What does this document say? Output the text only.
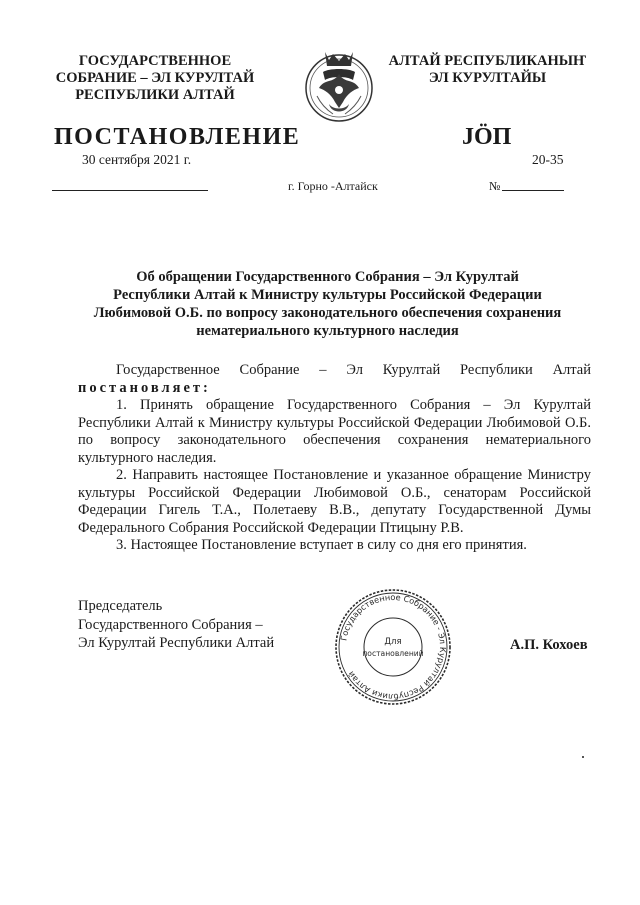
ГОСУДАРСТВЕННОЕ
СОБРАНИЕ – ЭЛ КУРУЛТАЙ
РЕСПУБЛИКИ АЛТАЙ
АЛТАЙ РЕСПУБЛИКАНЫҤ
ЭЛ КУРУЛТАЙЫ
ПОСТАНОВЛЕНИЕ	JӦП
30 сентября 2021 г.	20-35
г. Горно -Алтайск	№
Об обращении Государственного Собрания – Эл Курултай
Республики Алтай к Министру культуры Российской Федерации
Любимовой О.Б. по вопросу законодательного обеспечения сохранения
нематериального культурного наследия

Государственное Собрание – Эл Курултай Республики Алтай

постановляет:

1. Принять обращение Государственного Собрания – Эл Курултай Республики Алтай к Министру культуры Российской Федерации Любимовой О.Б. по вопросу законодательного обеспечения сохранения нематериального культурного наследия.

2. Направить настоящее Постановление и указанное обращение Министру культуры Российской Федерации Любимовой О.Б., сенаторам Российской Федерации Гигель Т.А., Полетаеву В.В., депутату Государственной Думы Федерального Собрания Российской Федерации Птицыну Р.В.

3. Настоящее Постановление вступает в силу со дня его принятия.

Председатель
Государственного Собрания –
Эл Курултай Республики Алтай	Государственное Собрание - Эл Курултай Республики Алтай
Для
постановлений
А.П. Кохоев
